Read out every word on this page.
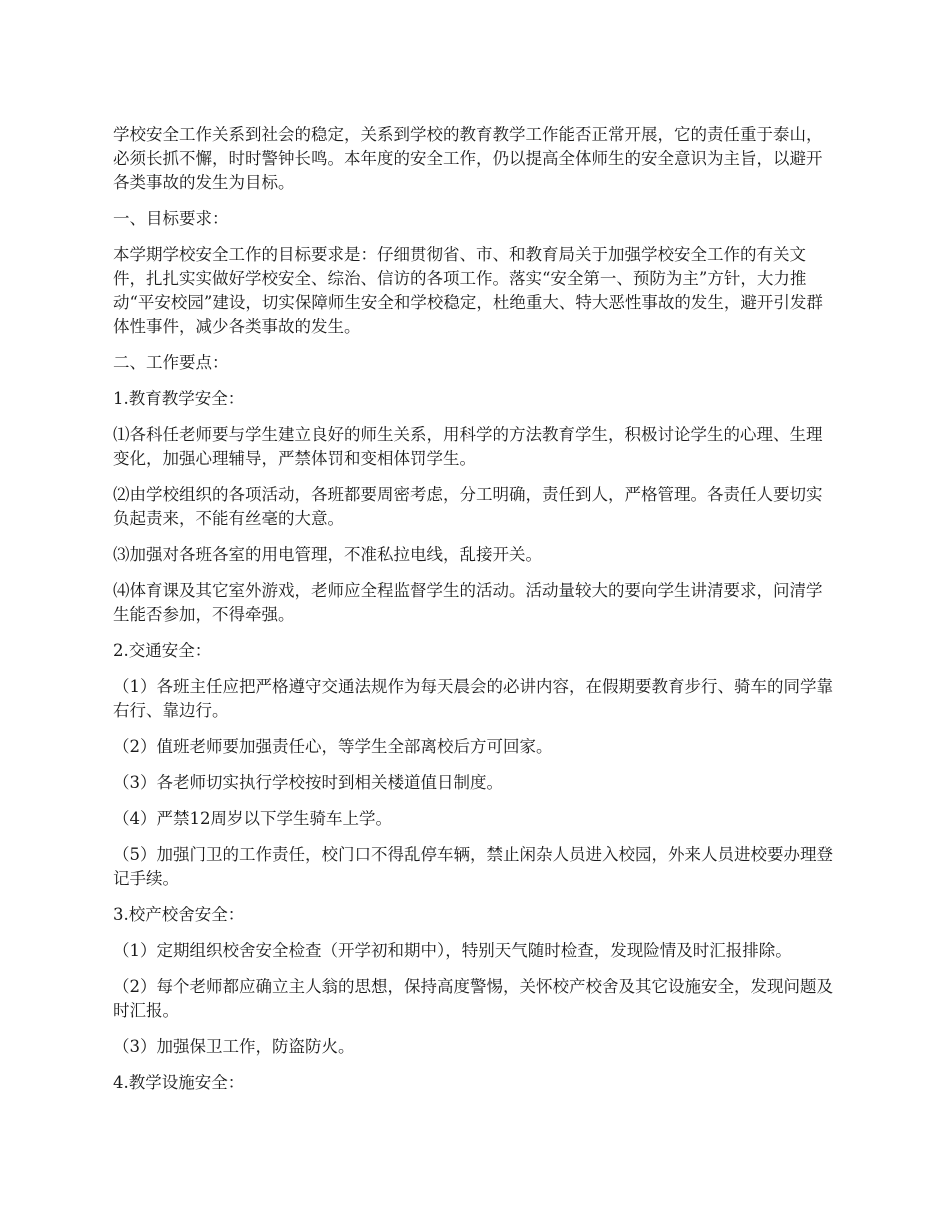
学校安全工作关系到社会的稳定，关系到学校的教育教学工作能否正常开展，它的责任重于泰山，必须长抓不懈，时时警钟长鸣。本年度的安全工作，仍以提高全体师生的安全意识为主旨，以避开各类事故的发生为目标。

一、目标要求：

本学期学校安全工作的目标要求是：仔细贯彻省、市、和教育局关于加强学校安全工作的有关文件，扎扎实实做好学校安全、综治、信访的各项工作。落实“安全第一、预防为主”方针，大力推动“平安校园”建设，切实保障师生安全和学校稳定，杜绝重大、特大恶性事故的发生，避开引发群体性事件，减少各类事故的发生。

二、工作要点：

1.教育教学安全：

⑴各科任老师要与学生建立良好的师生关系，用科学的方法教育学生，积极讨论学生的心理、生理变化，加强心理辅导，严禁体罚和变相体罚学生。

⑵由学校组织的各项活动，各班都要周密考虑，分工明确，责任到人，严格管理。各责任人要切实负起责来，不能有丝毫的大意。

⑶加强对各班各室的用电管理，不准私拉电线，乱接开关。

⑷体育课及其它室外游戏，老师应全程监督学生的活动。活动量较大的要向学生讲清要求，问清学生能否参加，不得牵强。

2.交通安全：

（1）各班主任应把严格遵守交通法规作为每天晨会的必讲内容，在假期要教育步行、骑车的同学靠右行、靠边行。

（2）值班老师要加强责任心，等学生全部离校后方可回家。

（3）各老师切实执行学校按时到相关楼道值日制度。

（4）严禁12周岁以下学生骑车上学。

（5）加强门卫的工作责任，校门口不得乱停车辆，禁止闲杂人员进入校园，外来人员进校要办理登记手续。

3.校产校舍安全：

（1）定期组织校舍安全检查（开学初和期中），特别天气随时检查，发现险情及时汇报排除。

（2）每个老师都应确立主人翁的思想，保持高度警惕，关怀校产校舍及其它设施安全，发现问题及时汇报。

（3）加强保卫工作，防盗防火。

4.教学设施安全：
